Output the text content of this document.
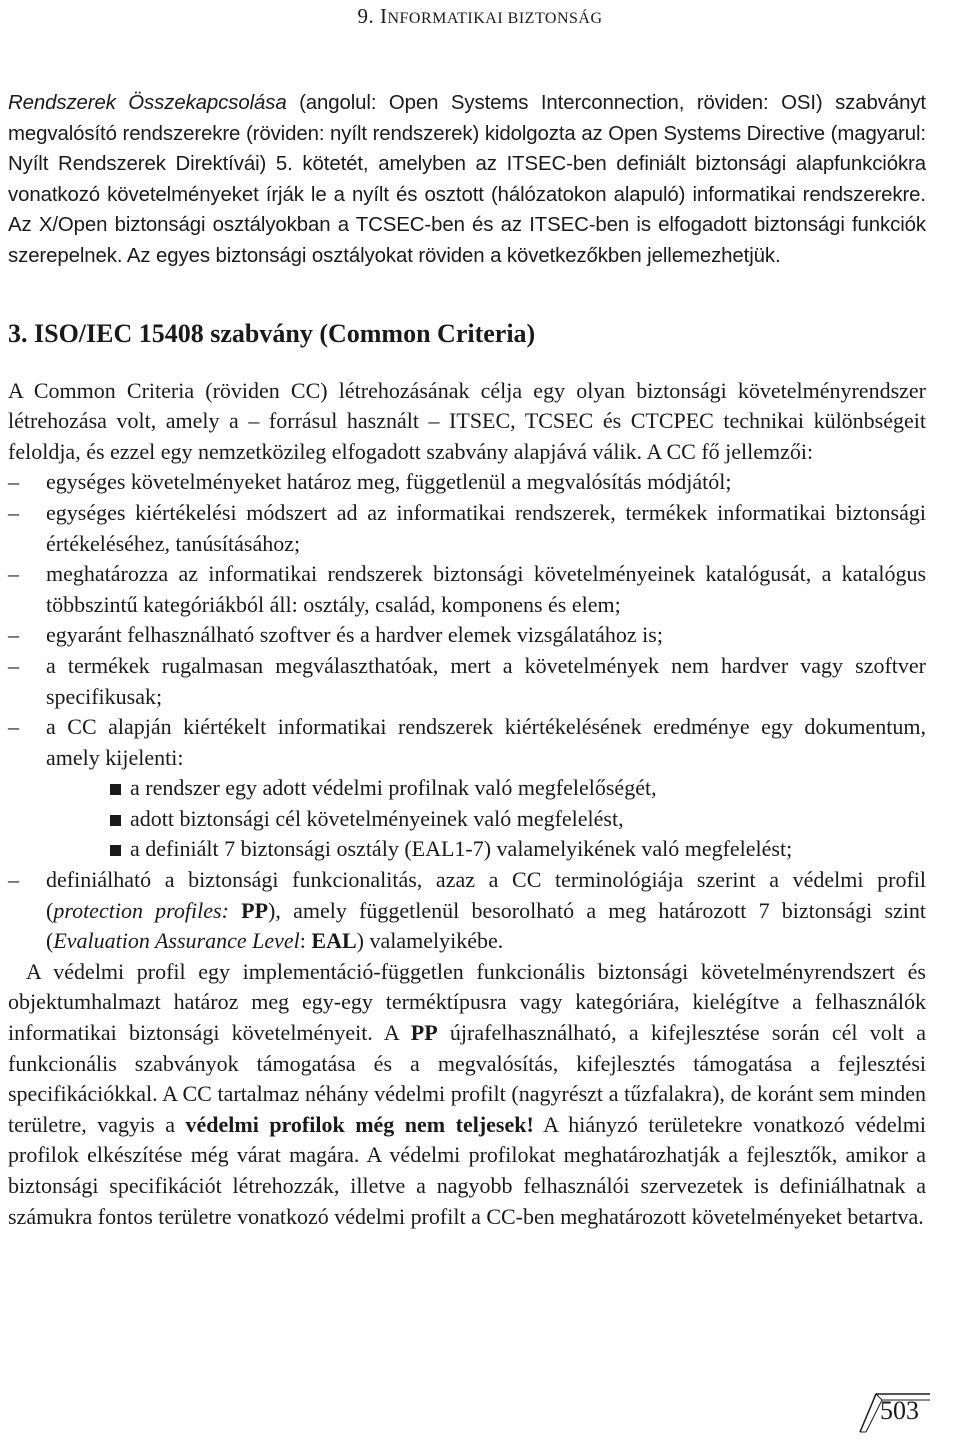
9. INFORMATIKAI BIZTONSÁG

Rendszerek Összekapcsolása (angolul: Open Systems Interconnection, röviden: OSI) szabványt megvalósító rendszerekre (röviden: nyílt rendszerek) kidolgozta az Open Systems Directive (magyarul: Nyílt Rendszerek Direktívái) 5. kötetét, amelyben az ITSEC-ben definiált biztonsági alapfunkciókra vonatkozó követelményeket írják le a nyílt és osztott (hálózatokon alapuló) informatikai rendszerekre. Az X/Open biztonsági osztályokban a TCSEC-ben és az ITSEC-ben is elfogadott biztonsági funkciók szerepelnek. Az egyes biztonsági osztályokat röviden a következőkben jellemezhetjük.

3. ISO/IEC 15408 szabvány (Common Criteria)

A Common Criteria (röviden CC) létrehozásának célja egy olyan biztonsági követelményrendszer létrehozása volt, amely a – forrásul használt – ITSEC, TCSEC és CTCPEC technikai különbségeit feloldja, és ezzel egy nemzetközileg elfogadott szabvány alapjává válik. A CC fő jellemzői:

– egységes követelményeket határoz meg, függetlenül a megvalósítás módjától;
– egységes kiértékelési módszert ad az informatikai rendszerek, termékek informatikai biztonsági értékeléséhez, tanúsításához;
– meghatározza az informatikai rendszerek biztonsági követelményeinek katalógusát, a katalógus többszintű kategóriákból áll: osztály, család, komponens és elem;
– egyaránt felhasználható szoftver és a hardver elemek vizsgálatához is;
– a termékek rugalmasan megválaszthatóak, mert a követelmények nem hardver vagy szoftver specifikusak;
– a CC alapján kiértékelt informatikai rendszerek kiértékelésének eredménye egy dokumentum, amely kijelenti:
a rendszer egy adott védelmi profilnak való megfelelőségét,
adott biztonsági cél követelményeinek való megfelelést,
a definiált 7 biztonsági osztály (EAL1-7) valamelyikének való megfelelést;
– definiálható a biztonsági funkcionalitás, azaz a CC terminológiája szerint a védelmi profil (protection profiles: PP), amely függetlenül besorolható a meg határozott 7 biztonsági szint (Evaluation Assurance Level: EAL) valamelyikébe.

A védelmi profil egy implementáció-független funkcionális biztonsági követelményrendszert és objektumhalmazt határoz meg egy-egy terméktípusra vagy kategóriára, kielégítve a felhasználók informatikai biztonsági követelményeit. A PP újrafelhasználható, a kifejlesztése során cél volt a funkcionális szabványok támogatása és a megvalósítás, kifejlesztés támogatása a fejlesztési specifikációkkal. A CC tartalmaz néhány védelmi profilt (nagyrészt a tűzfalakra), de koránt sem minden területre, vagyis a védelmi profilok még nem teljesek! A hiányzó területekre vonatkozó védelmi profilok elkészítése még várat magára. A védelmi profilokat meghatározhatják a fejlesztők, amikor a biztonsági specifikációt létrehozzák, illetve a nagyobb felhasználói szervezetek is definiálhatnak a számukra fontos területre vonatkozó védelmi profilt a CC-ben meghatározott követelményeket betartva.

503
